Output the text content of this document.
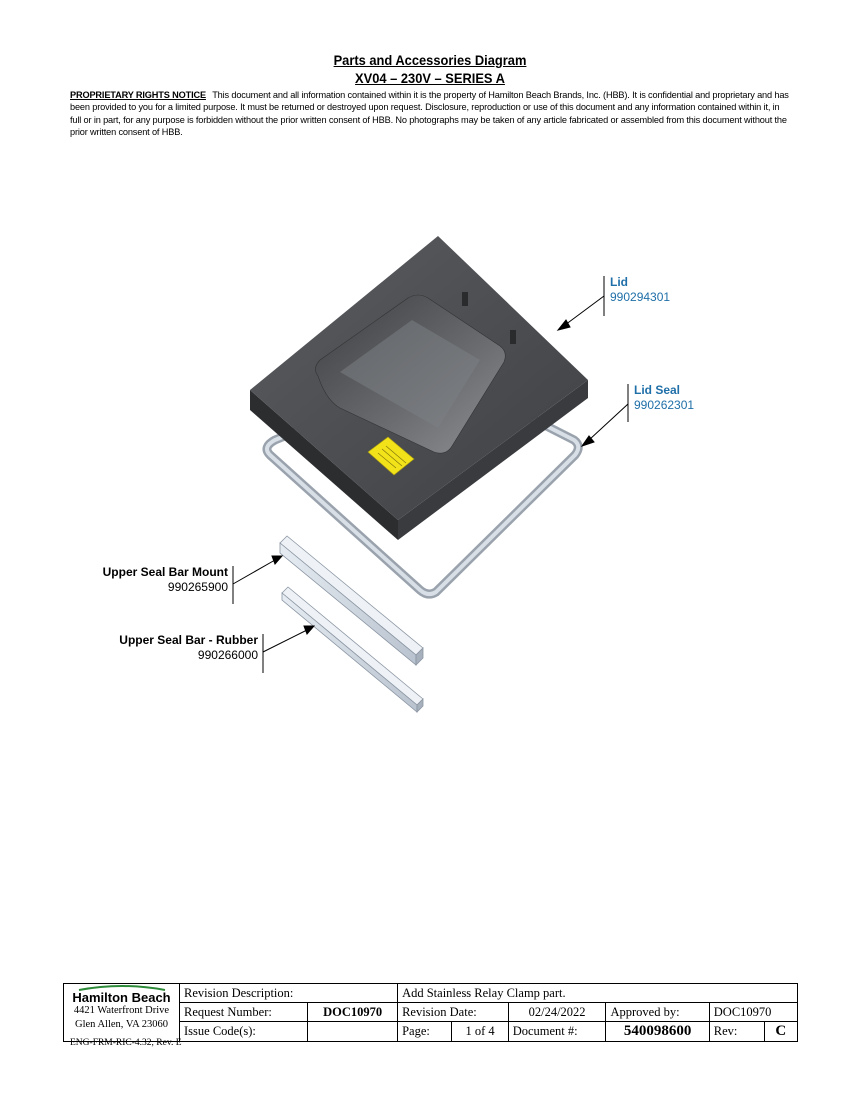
Parts and Accessories Diagram
XV04 – 230V – SERIES A
PROPRIETARY RIGHTS NOTICE This document and all information contained within it is the property of Hamilton Beach Brands, Inc. (HBB). It is confidential and proprietary and has been provided to you for a limited purpose. It must be returned or destroyed upon request. Disclosure, reproduction or use of this document and any information contained within it, in full or in part, for any purpose is forbidden without the prior written consent of HBB. No photographs may be taken of any article fabricated or assembled from this document without the prior written consent of HBB.
Lid
990294301
Lid Seal
990262301
Upper Seal Bar Mount
990265900
Upper Seal Bar - Rubber
990266000
Hamilton Beach
4421 Waterfront Drive
Glen Allen, VA 23060	Revision Description:		Add Stainless Relay Clamp part.					
	Request Number:	DOC10970	Revision Date:		02/24/2022	Approved by:	DOC10970	
	Issue Code(s):		Page:	1 of 4	Document #:	540098600	Rev:	C
ENG-FRM-RIC-4.32, Rev. E
